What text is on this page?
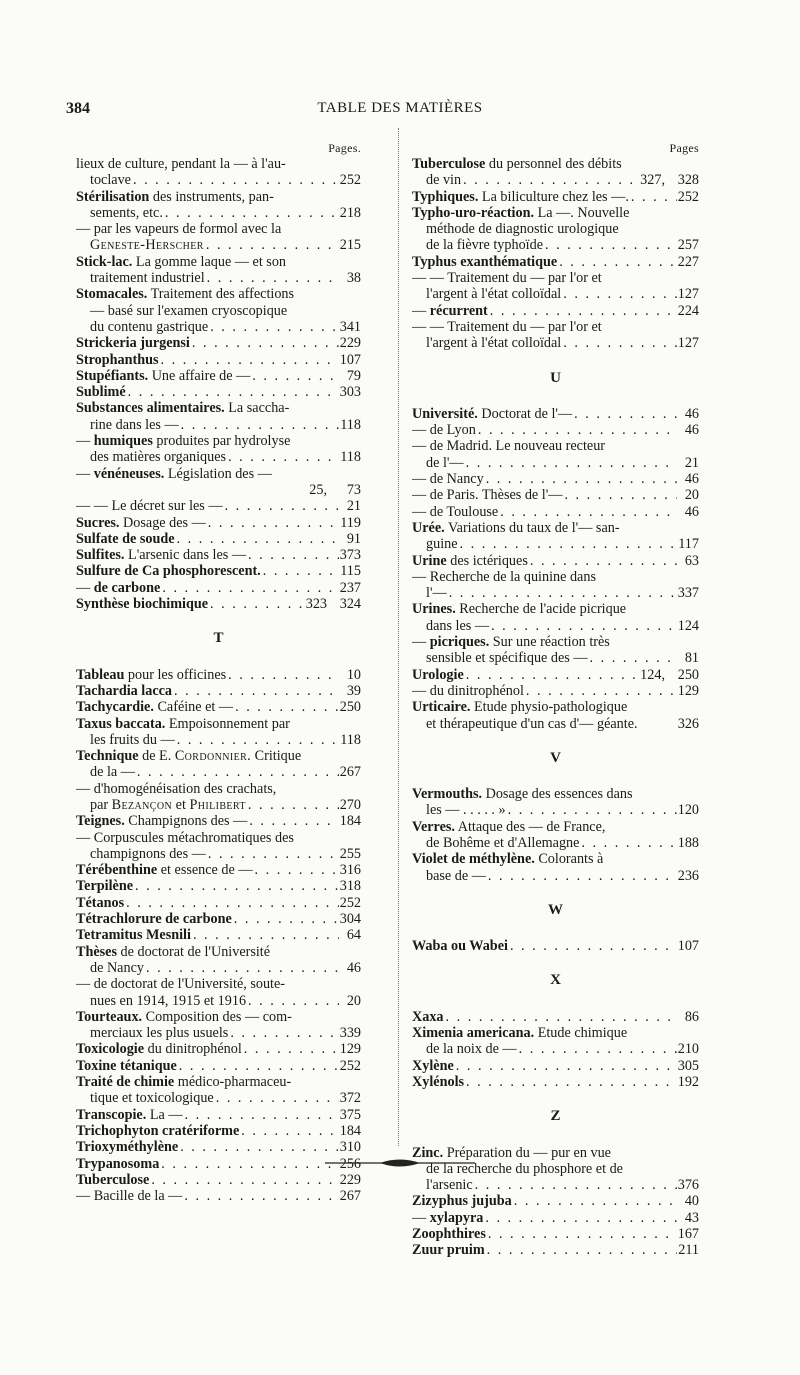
384	TABLE DES MATIÈRES
Pages.
lieux de culture, pendant la — à l'au-
toclave . . .	252
Stérilisation des instruments, pan-
sements, etc. . . .	218
— par les vapeurs de formol avec la
Geneste-Herscher . . .	215
Stick-lac. La gomme laque — et son
traitement industriel . . .	38
Stomacales. Traitement des affections
— basé sur l'examen cryoscopique
du contenu gastrique . . .	341
Strickeria jurgensi . . .	229
Strophanthus . . .	107
Stupéfiants. Une affaire de — . . .	79
Sublimé . . .	303
Substances alimentaires. La saccha-
rine dans les — . . .	118
— humiques produites par hydrolyse
des matières organiques . . .	118
— vénéneuses. Législation des —
25,	73
— — Le décret sur les — . . .	21
Sucres. Dosage des — . . .	119
Sulfate de soude . . .	91
Sulfites. L'arsenic dans les — . . .	373
Sulfure de Ca phosphorescent. . . .	115
— de carbone . . .	237
Synthèse biochimique . . .	323 324
T
Tableau pour les officines . . .	10
Tachardia lacca . . .	39
Tachycardie. Caféine et — . . .	250
Taxus baccata. Empoisonnement par
les fruits du — . . .	118
Technique de E. Cordonnier. Critique
de la — . . .	267
— d'homogénéisation des crachats,
par Bezançon et Philibert . . .	270
Teignes. Champignons des — . . .	184
— Corpuscules métachromatiques des
champignons des — . . .	255
Térébenthine et essence de — . . .	316
Terpilène . . .	318
Tétanos . . .	252
Tétrachlorure de carbone . . .	304
Tetramitus Mesnili . . .	64
Thèses de doctorat de l'Université
de Nancy . . .	46
— de doctorat de l'Université, soute-
nues en 1914, 1915 et 1916 . . .	20
Tourteaux. Composition des — com-
merciaux les plus usuels . . .	339
Toxicologie du dinitrophénol . . .	129
Toxine tétanique . . .	252
Traité de chimie médico-pharmaceu-
tique et toxicologique . . .	372
Transcopie. La — . . .	375
Trichophyton cratériforme . . .	184
Trioxyméthylène . . .	310
Trypanosoma . . .	256
Tuberculose . . .	229
— Bacille de la — . . .	267
Pages
Tuberculose du personnel des débits
de vin . . .	327, 328
Typhiques. La biliculture chez les —. . . .	252
Typho-uro-réaction. La —. Nouvelle
méthode de diagnostic urologique
de la fièvre typhoïde . . .	257
Typhus exanthématique . . .	227
— — Traitement du — par l'or et
l'argent à l'état colloïdal . . .	127
— récurrent . . .	224
— — Traitement du — par l'or et
l'argent à l'état colloïdal . . .	127
U
Université. Doctorat de l'— . . .	46
— de Lyon . . .	46
— de Madrid. Le nouveau recteur
de l'— . . .	21
— de Nancy . . .	46
— de Paris. Thèses de l'— . . .	20
— de Toulouse . . .	46
Urée. Variations du taux de l'— san-
guine . . .	117
Urine des ictériques . . .	63
— Recherche de la quinine dans
l'— . . .	337
Urines. Recherche de l'acide picrique
dans les — . . .	124
— picriques. Sur une réaction très
sensible et spécifique des — . . .	81
Urologie . . .	124, 250
— du dinitrophénol . . .	129
Urticaire. Etude physio-pathologique
et thérapeutique d'un cas d'— géante.	326
V
Vermouths. Dosage des essences dans
les — . . . . . » . . .	120
Verres. Attaque des — de France,
de Bohême et d'Allemagne . . .	188
Violet de méthylène. Colorants à
base de — . . .	236
W
Waba ou Wabei . . .	107
X
Xaxa . . .	86
Ximenia americana. Etude chimique
de la noix de — . . .	210
Xylène . . .	305
Xylénols . . .	192
Z
Zinc. Préparation du — pur en vue
de la recherche du phosphore et de
l'arsenic . . .	376
Zizyphus jujuba . . .	40
— xylapyra . . .	43
Zoophthires . . .	167
Zuur pruim . . .	211
